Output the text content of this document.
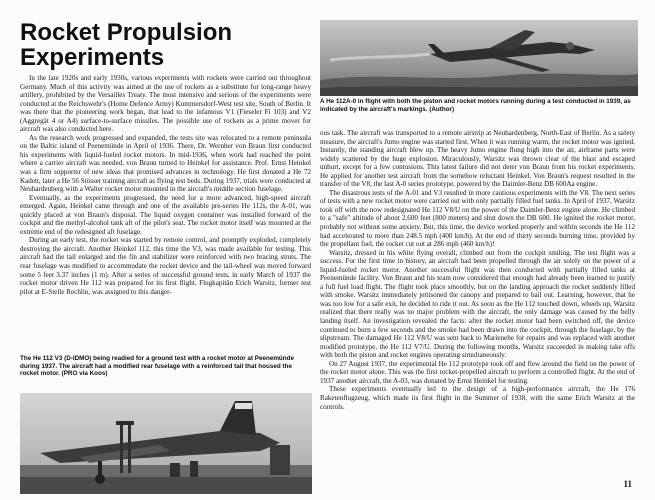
Rocket Propulsion Experiments

A He 112A-0 in flight with both the piston and rocket motors running during a test conducted in 1939, as indicated by the aircraft's markings. (Author)

In the late 1920s and early 1930s, various experiments with rockets were carried out throughout Germany. Much of this activity was aimed at the use of rockets as a substitute for long-range heavy artillery, prohibited by the Versailles Treaty. The most intensive and serious of the experiments were conducted at the Reichswehr's (Home Defence Army) Kummersdorf-West test site, South of Berlin. It was there that the pioneering work began, that lead to the infamous V1 (Fieseler Fi 103) and V2 (Aggregät 4 or A4) surface-to-surface missiles. The possible use of rockets as a prime mover for aircraft was also conducted here.

As the research work progressed and expanded, the tests site was relocated to a remote peninsula on the Baltic island of Peenemünde in April of 1936. There, Dr. Wernher von Braun first conducted his experiments with liquid-fueled rocket motors. In mid-1936, when work had reached the point where a carrier aircraft was needed, von Braun turned to Heinkel for assistance. Prof. Ernst Heinkel was a firm supporter of new ideas that promised advances in technology. He first donated a He 72 Kadett, later a He 56 Stösser training aircraft as flying test beds. During 1937, trials were conducted at Neuhardenberg with a Walter rocket motor mounted in the aircraft's middle section fuselage.

Eventually, as the experiments progressed, the need for a more advanced, high-speed aircraft emerged. Again, Heinkel came through and one of the available pre-series He 112s, the A-01, was quickly placed at von Braun's disposal. The liquid oxygen container was installed forward of the cockpit and the methyl-alcohol tank aft of the pilot's seat. The rocket motor itself was mounted at the extreme end of the redesigned aft fuselage.

During an early test, the rocket was started by remote control, and promptly exploded, completely destroying the aircraft. Another Heinkel 112, this time the V3, was made available for testing. This aircraft had the tail enlarged and the fin and stabilizer were reinforced with two bracing struts. The rear fuselage was modified to accommodate the rocket device and the tail-wheel was moved forward some 5 feet 3.37 inches (1 m). After a series of successful ground tests, in early March of 1937 the rocket motor driven He 112 was prepared for its first flight. Flugkapitän Erich Warsitz, former test pilot at E-Stelle Rechlin, was assigned to this danger-

The He 112 V3 (D-IDMO) being readied for a ground test with a rocket motor at Peenemünde during 1937. The aircraft had a modified rear fuselage with a reinforced tail that housed the rocket motor. (PRO via Koos)

ous task. The aircraft was transported to a remote airstrip at Neuhardenberg, North-East of Berlin. As a safety measure, the aircraft's Jumo engine was started first. When it was running warm, the rocket motor was ignited. Instantly, the standing aircraft blew up. The heavy Jumo engine flung high into the air, airframe parts were widely scattered by the huge explosion. Miraculously, Warsitz was thrown clear of the blast and escaped unhurt, except for a few contusions. This latest failure did not deter von Braun from his rocket experiments. He applied for another test aircraft from the somehow reluctant Heinkel. Von Braun's request resulted in the transfer of the V8, the last A-0 series prototype, powered by the Daimler-Benz DB 600Aa engine.

The disastrous tests of the A-01 and V3 resulted in more cautious experiments with the V8. The next series of tests with a new rocket motor were carried out with only partially filled fuel tanks. In April of 1937, Warsitz took off with the now redesignated He 112 V8/U on the power of the Daimler-Benz engine alone. He climbed to a "safe" altitude of about 2,600 feet (800 meters) and shut down the DB 600. He ignited the rocket motor, probably not without some anxiety. But, this time, the device worked properly and within seconds the He 112 had accelerated to more than 248.5 mph (400 km/h). At the end of thirty seconds burning time, provided by the propellant fuel, the rocket cut out at 286 mph (460 km/h)!

Warsitz, dressed in his white flying overall, climbed out from the cockpit smiling. The test flight was a success. For the first time in history, an aircraft had been propelled through the air solely on the power of a liquid-fueled rocket motor. Another successful flight was then conducted with partially filled tanks at Peenemünde facility. Von Braun and his team now considered that enough had already been learned to justify a full fuel load flight. The flight took place smoothly, but on the landing approach the rocket suddenly filled with smoke. Warsitz immediately jettisoned the canopy and prepared to bail out. Learning, however, that he was too low for a safe exit, he decided to ride it out. As soon as the He 112 touched down, wheels up, Warsitz realized that there really was no major problem with the aircraft, the only damage was caused by the belly landing itself. An investigation revealed the facts: after the rocket motor had been switched off, the device continued to burn a few seconds and the smoke had been drawn into the cockpit, through the fuselage, by the slipstream. The damaged He 112 V8/U was sent back to Marienehe for repairs and was replaced with another modified prototype, the He 112 V7/U. During the following months, Warsitz succeeded in making take offs with both the piston and rocket engines operating simultaneously.

On 27 August 1937, the experimental He 112 prototype took off and flew around the field on the power of the rocket motor alone. This was the first rocket-propelled aircraft to perform a controlled flight. At the end of 1937 another aircraft, the A-03, was donated by Ernst Heinkel for testing.

These experiments eventually led to the design of a high-performance aircraft, the He 176 Raketenflugzeug, which made its first flight in the Summer of 1938, with the same Erich Warsitz at the controls.

11
